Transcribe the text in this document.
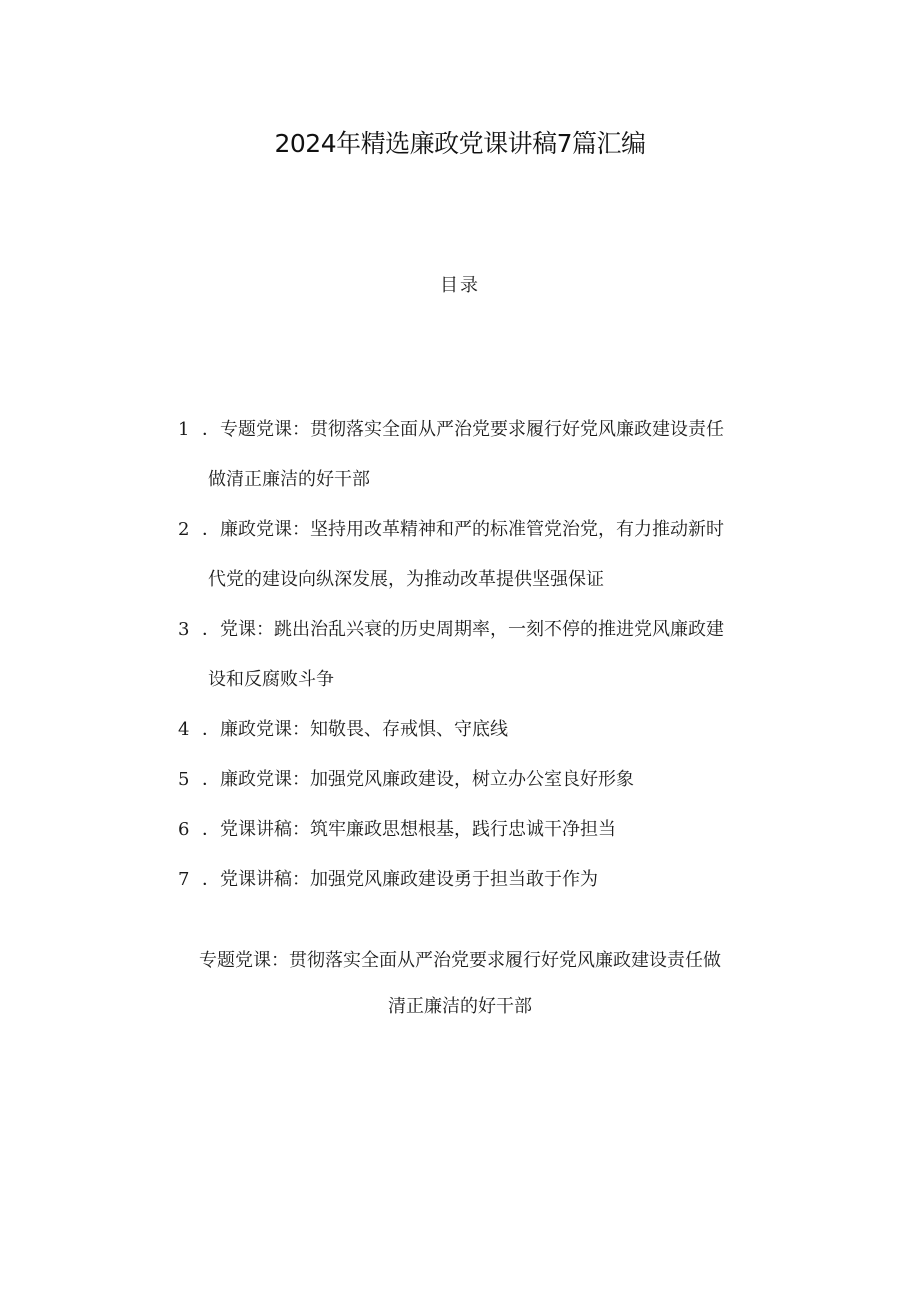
2024年精选廉政党课讲稿7篇汇编
目录
1 ．专题党课：贯彻落实全面从严治党要求履行好党风廉政建设责任
做清正廉洁的好干部
2 ．廉政党课：坚持用改革精神和严的标准管党治党，有力推动新时
代党的建设向纵深发展，为推动改革提供坚强保证
3 ．党课：跳出治乱兴衰的历史周期率，一刻不停的推进党风廉政建
设和反腐败斗争
4 ．廉政党课：知敬畏、存戒惧、守底线
5 ．廉政党课：加强党风廉政建设，树立办公室良好形象
6 ．党课讲稿：筑牢廉政思想根基，践行忠诚干净担当
7 ．党课讲稿：加强党风廉政建设勇于担当敢于作为
专题党课：贯彻落实全面从严治党要求履行好党风廉政建设责任做
清正廉洁的好干部
